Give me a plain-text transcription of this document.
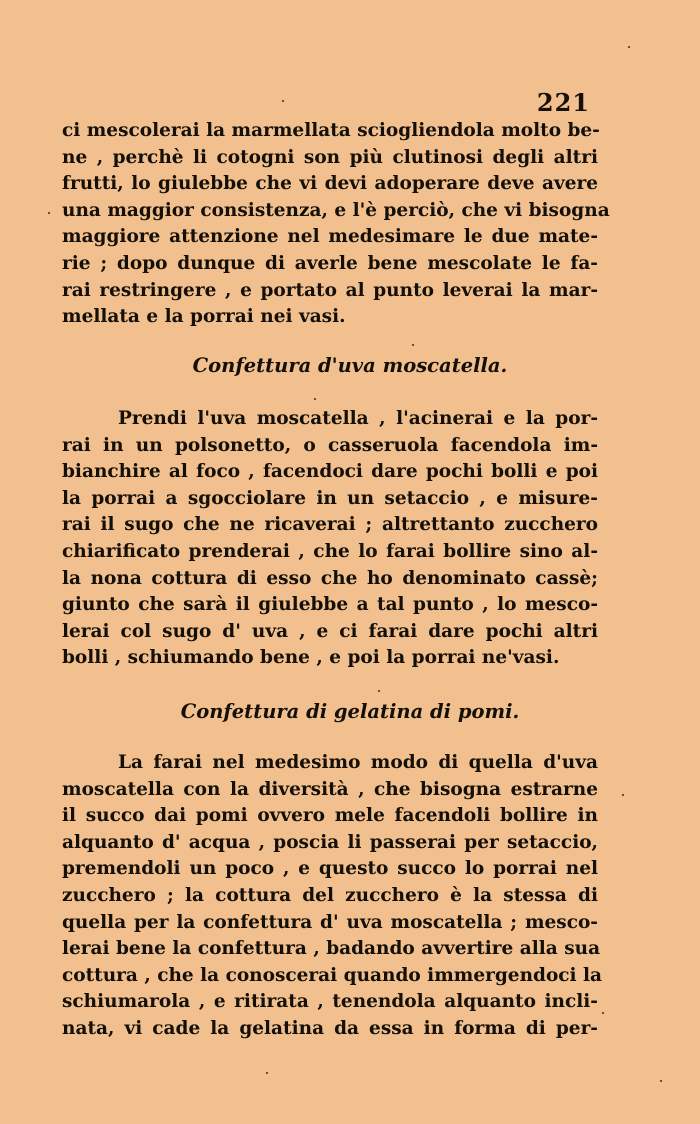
221
ci mescolerai la marmellata sciogliendola molto be-
ne , perchè li cotogni son più clutinosi degli altri
frutti, lo giulebbe che vi devi adoperare deve avere
una maggior consistenza, e l'è perciò, che vi bisogna
maggiore attenzione nel medesimare le due mate-
rie ; dopo dunque di averle bene mescolate le fa-
rai restringere , e portato al punto leverai la mar-
mellata e la porrai nei vasi.
Confettura d'uva moscatella.
Prendi l'uva moscatella , l'acinerai e la por-
rai in un polsonetto, o casseruola facendola im-
bianchire al foco , facendoci dare pochi bolli e poi
la porrai a sgocciolare in un setaccio , e misure-
rai il sugo che ne ricaverai ; altrettanto zucchero
chiarificato prenderai , che lo farai bollire sino al-
la nona cottura di esso che ho denominato cassè;
giunto che sarà il giulebbe a tal punto , lo mesco-
lerai col sugo d' uva , e ci farai dare pochi altri
bolli , schiumando bene , e poi la porrai ne'vasi.
Confettura di gelatina di pomi.
La farai nel medesimo modo di quella d'uva
moscatella con la diversità , che bisogna estrarne
il succo dai pomi ovvero mele facendoli bollire in
alquanto d' acqua , poscia li passerai per setaccio,
premendoli un poco , e questo succo lo porrai nel
zucchero ; la cottura del zucchero è la stessa di
quella per la confettura d' uva moscatella ; mesco-
lerai bene la confettura , badando avvertire alla sua
cottura , che la conoscerai quando immergendoci la
schiumarola , e ritirata , tenendola alquanto incli-
nata, vi cade la gelatina da essa in forma di per-
